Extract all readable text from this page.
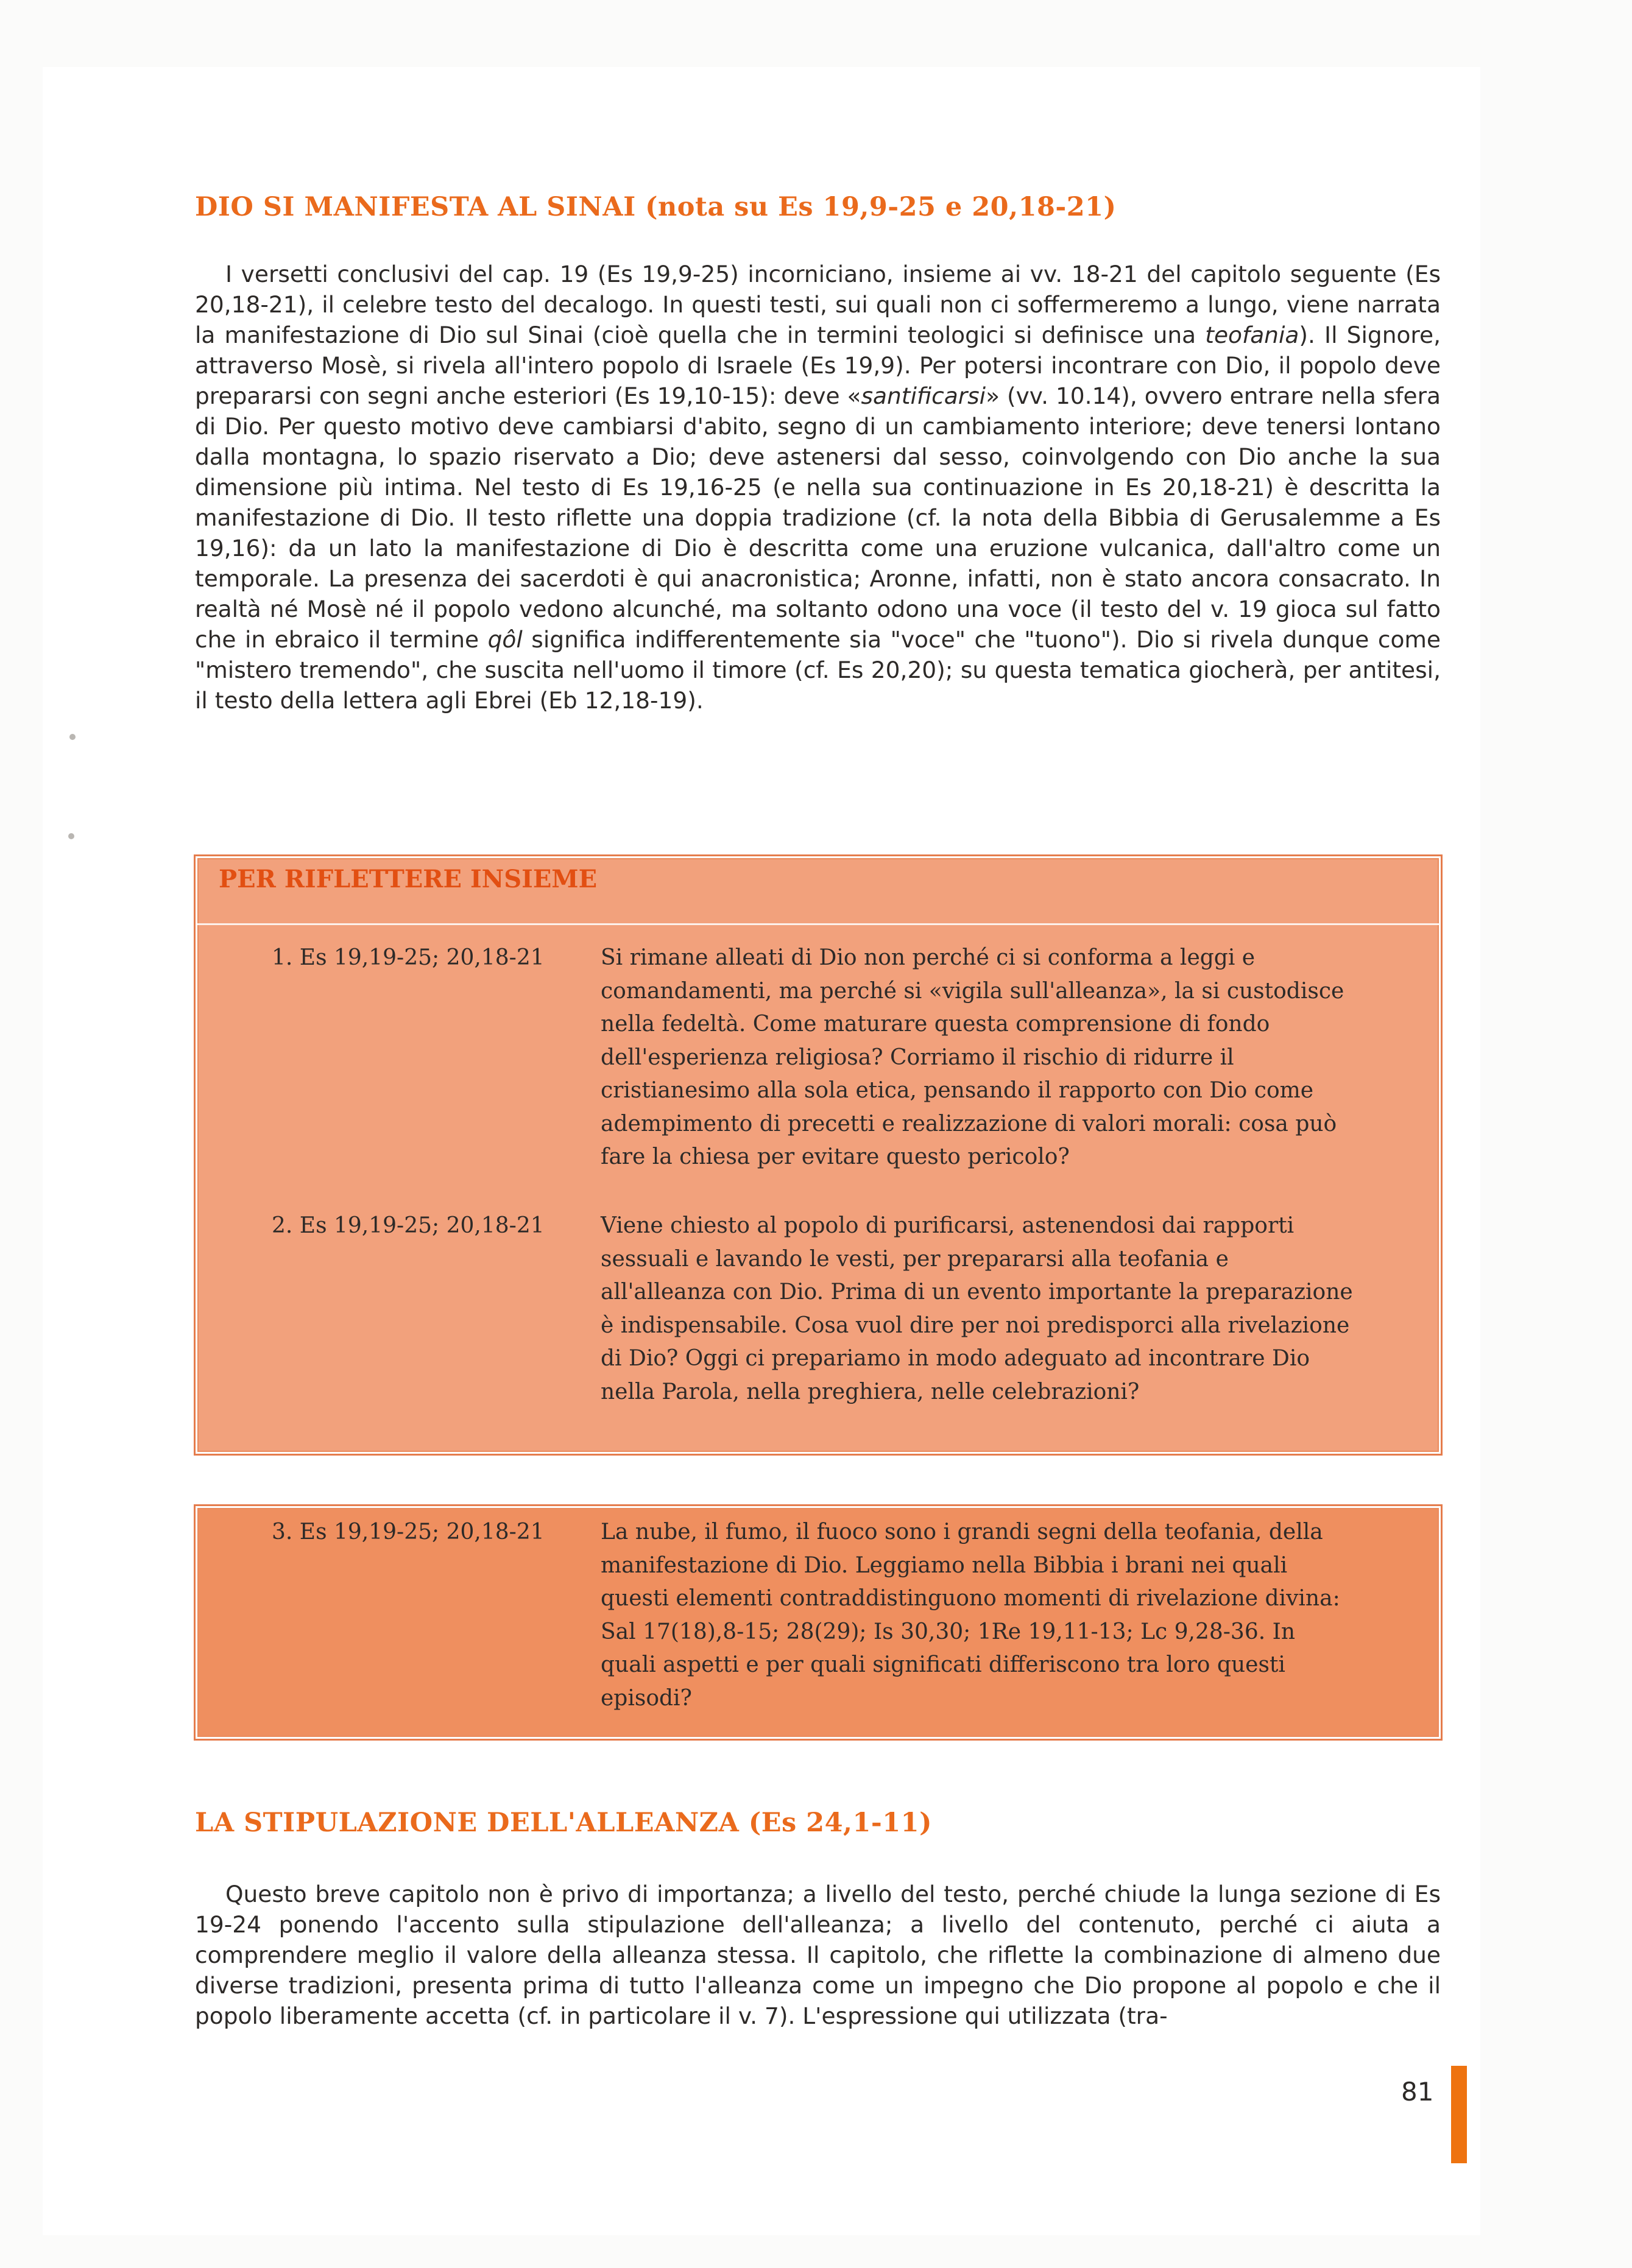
DIO SI MANIFESTA AL SINAI (nota su Es 19,9-25 e 20,18-21)

I versetti conclusivi del cap. 19 (Es 19,9-25) incorniciano, insieme ai vv. 18-21 del capitolo seguente (Es 20,18-21), il celebre testo del decalogo. In questi testi, sui quali non ci soffermeremo a lungo, viene narrata la manifestazione di Dio sul Sinai (cioè quella che in termini teologici si definisce una teofania). Il Signore, attraverso Mosè, si rivela all'intero popolo di Israele (Es 19,9). Per potersi incontrare con Dio, il popolo deve prepararsi con segni anche esteriori (Es 19,10-15): deve «santificarsi» (vv. 10.14), ovvero entrare nella sfera di Dio. Per questo motivo deve cambiarsi d'abito, segno di un cambiamento interiore; deve tenersi lontano dalla montagna, lo spazio riservato a Dio; deve astenersi dal sesso, coinvolgendo con Dio anche la sua dimensione più intima. Nel testo di Es 19,16-25 (e nella sua continuazione in Es 20,18-21) è descritta la manifestazione di Dio. Il testo riflette una doppia tradizione (cf. la nota della Bibbia di Gerusalemme a Es 19,16): da un lato la manifestazione di Dio è descritta come una eruzione vulcanica, dall'altro come un temporale. La presenza dei sacerdoti è qui anacronistica; Aronne, infatti, non è stato ancora consacrato. In realtà né Mosè né il popolo vedono alcunché, ma soltanto odono una voce (il testo del v. 19 gioca sul fatto che in ebraico il termine qôl significa indifferentemente sia "voce" che "tuono"). Dio si rivela dunque come "mistero tremendo", che suscita nell'uomo il timore (cf. Es 20,20); su questa tematica giocherà, per antitesi, il testo della lettera agli Ebrei (Eb 12,18-19).

PER RIFLETTERE INSIEME
1. Es 19,19-25; 20,18-21	Si rimane alleati di Dio non perché ci si conforma a leggi e comandamenti, ma perché si «vigila sull'alleanza», la si custodisce nella fedeltà. Come maturare questa comprensione di fondo dell'esperienza religiosa? Corriamo il rischio di ridurre il cristianesimo alla sola etica, pensando il rapporto con Dio come adempimento di precetti e realizzazione di valori morali: cosa può fare la chiesa per evitare questo pericolo?

2. Es 19,19-25; 20,18-21	Viene chiesto al popolo di purificarsi, astenendosi dai rapporti sessuali e lavando le vesti, per prepararsi alla teofania e all'alleanza con Dio. Prima di un evento importante la preparazione è indispensabile. Cosa vuol dire per noi predisporci alla rivelazione di Dio? Oggi ci prepariamo in modo adeguato ad incontrare Dio nella Parola, nella preghiera, nelle celebrazioni?

3. Es 19,19-25; 20,18-21	La nube, il fumo, il fuoco sono i grandi segni della teofania, della manifestazione di Dio. Leggiamo nella Bibbia i brani nei quali questi elementi contraddistinguono momenti di rivelazione divina: Sal 17(18),8-15; 28(29); Is 30,30; 1Re 19,11-13; Lc 9,28-36. In quali aspetti e per quali significati differiscono tra loro questi episodi?

LA STIPULAZIONE DELL'ALLEANZA (Es 24,1-11)

Questo breve capitolo non è privo di importanza; a livello del testo, perché chiude la lunga sezione di Es 19-24 ponendo l'accento sulla stipulazione dell'alleanza; a livello del contenuto, perché ci aiuta a comprendere meglio il valore della alleanza stessa. Il capitolo, che riflette la combinazione di almeno due diverse tradizioni, presenta prima di tutto l'alleanza come un impegno che Dio propone al popolo e che il popolo liberamente accetta (cf. in particolare il v. 7). L'espressione qui utilizzata (tra-

81
